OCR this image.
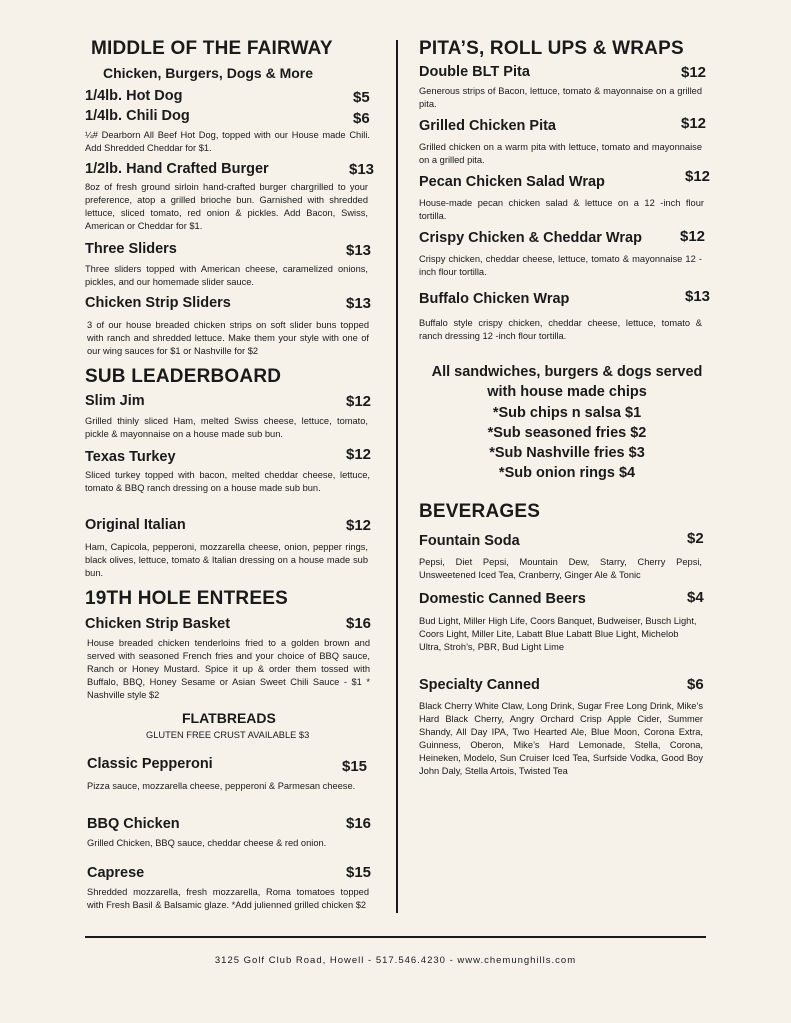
MIDDLE OF THE FAIRWAY
Chicken, Burgers, Dogs & More
1/4lb. Hot Dog	$5
1/4lb. Chili Dog	$6
¼# Dearborn All Beef Hot Dog, topped with our House made Chili. Add Shredded Cheddar for $1.
1/2lb. Hand Crafted Burger	$13
8oz of fresh ground sirloin hand-crafted burger chargrilled to your preference, atop a grilled brioche bun. Garnished with shredded lettuce, sliced tomato, red onion & pickles. Add Bacon, Swiss, American or Cheddar for $1.
Three Sliders	$13
Three sliders topped with American cheese, caramelized onions, pickles, and our homemade slider sauce.
Chicken Strip Sliders	$13
3 of our house breaded chicken strips on soft slider buns topped with ranch and shredded lettuce. Make them your style with one of our wing sauces for $1 or Nashville for $2
SUB LEADERBOARD
Slim Jim	$12
Grilled thinly sliced Ham, melted Swiss cheese, lettuce, tomato, pickle & mayonnaise on a house made sub bun.
Texas Turkey	$12
Sliced turkey topped with bacon, melted cheddar cheese, lettuce, tomato & BBQ ranch dressing on a house made sub bun.
Original Italian	$12
Ham, Capicola, pepperoni, mozzarella cheese, onion, pepper rings, black olives, lettuce, tomato & Italian dressing on a house made sub bun.
19TH HOLE ENTREES
Chicken Strip Basket	$16
House breaded chicken tenderloins fried to a golden brown and served with seasoned French fries and your choice of BBQ sauce, Ranch or Honey Mustard. Spice it up & order them tossed with Buffalo, BBQ, Honey Sesame or Asian Sweet Chili Sauce - $1 * Nashville style $2
FLATBREADS
GLUTEN FREE CRUST AVAILABLE $3
Classic Pepperoni	$15
Pizza sauce, mozzarella cheese, pepperoni & Parmesan cheese.
BBQ Chicken	$16
Grilled Chicken, BBQ sauce, cheddar cheese & red onion.
Caprese	$15
Shredded mozzarella, fresh mozzarella, Roma tomatoes topped with Fresh Basil & Balsamic glaze. *Add julienned grilled chicken $2
PITA’S, ROLL UPS & WRAPS
Double BLT Pita	$12
Generous strips of Bacon, lettuce, tomato & mayonnaise on a grilled pita.
Grilled Chicken Pita	$12
Grilled chicken on a warm pita with lettuce, tomato and mayonnaise on a grilled pita.
Pecan Chicken Salad Wrap	$12
House-made pecan chicken salad & lettuce on a 12 -inch flour tortilla.
Crispy Chicken & Cheddar Wrap	$12
Crispy chicken, cheddar cheese, lettuce, tomato & mayonnaise 12 -inch flour tortilla.
Buffalo Chicken Wrap	$13
Buffalo style crispy chicken, cheddar cheese, lettuce, tomato & ranch dressing 12 -inch flour tortilla.
All sandwiches, burgers & dogs served
with house made chips
*Sub chips n salsa $1
*Sub seasoned fries $2
*Sub Nashville fries $3
*Sub onion rings $4
BEVERAGES
Fountain Soda	$2
Pepsi, Diet Pepsi, Mountain Dew, Starry, Cherry Pepsi, Unsweetened Iced Tea, Cranberry, Ginger Ale & Tonic
Domestic Canned Beers	$4
Bud Light, Miller High Life, Coors Banquet, Budweiser, Busch Light, Coors Light, Miller Lite, Labatt Blue Labatt Blue Light, Michelob Ultra, Stroh’s, PBR, Bud Light Lime
Specialty Canned	$6
Black Cherry White Claw, Long Drink, Sugar Free Long Drink, Mike’s Hard Black Cherry, Angry Orchard Crisp Apple Cider, Summer Shandy, All Day IPA, Two Hearted Ale, Blue Moon, Corona Extra, Guinness, Oberon, Mike’s Hard Lemonade, Stella, Corona, Heineken, Modelo, Sun Cruiser Iced Tea, Surfside Vodka, Good Boy John Daly, Stella Artois, Twisted Tea
3125 Golf Club Road, Howell - 517.546.4230 - www.chemunghills.com
